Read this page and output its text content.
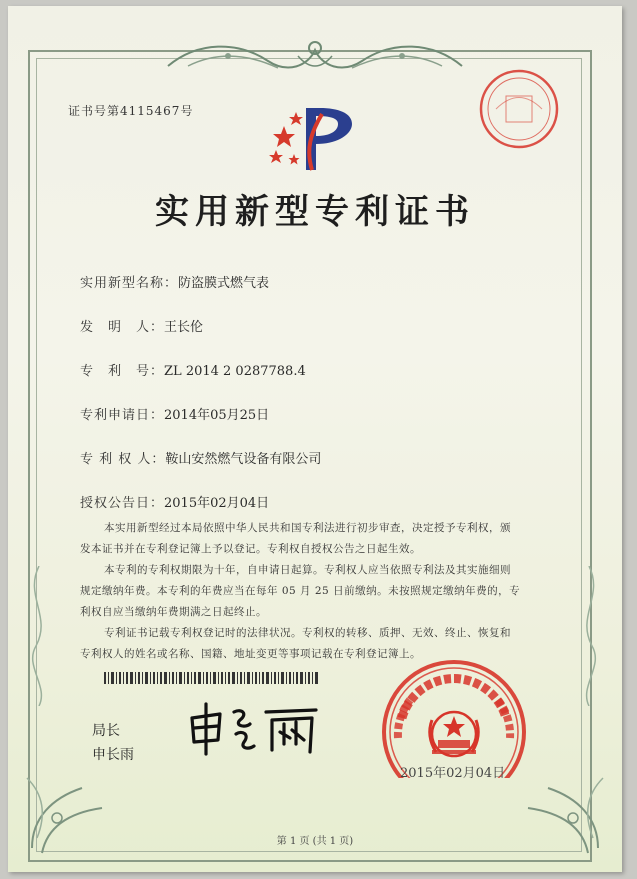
证书号第4115467号
实用新型专利证书
实用新型名称：防盗膜式燃气表
发　明　人：王长伦
专　利　号：ZL 2014 2 0287788.4
专利申请日：2014年05月25日
专 利 权 人：鞍山安然燃气设备有限公司
授权公告日：2015年02月04日
本实用新型经过本局依照中华人民共和国专利法进行初步审查，决定授予专利权，颁
发本证书并在专利登记簿上予以登记。专利权自授权公告之日起生效。
本专利的专利权期限为十年，自申请日起算。专利权人应当依照专利法及其实施细则
规定缴纳年费。本专利的年费应当在每年 05 月 25 日前缴纳。未按照规定缴纳年费的，专
利权自应当缴纳年费期满之日起终止。
专利证书记载专利权登记时的法律状况。专利权的转移、质押、无效、终止、恢复和
专利权人的姓名或名称、国籍、地址变更等事项记载在专利登记簿上。
局长
申长雨
2015年02月04日
第 1 页 (共 1 页)
